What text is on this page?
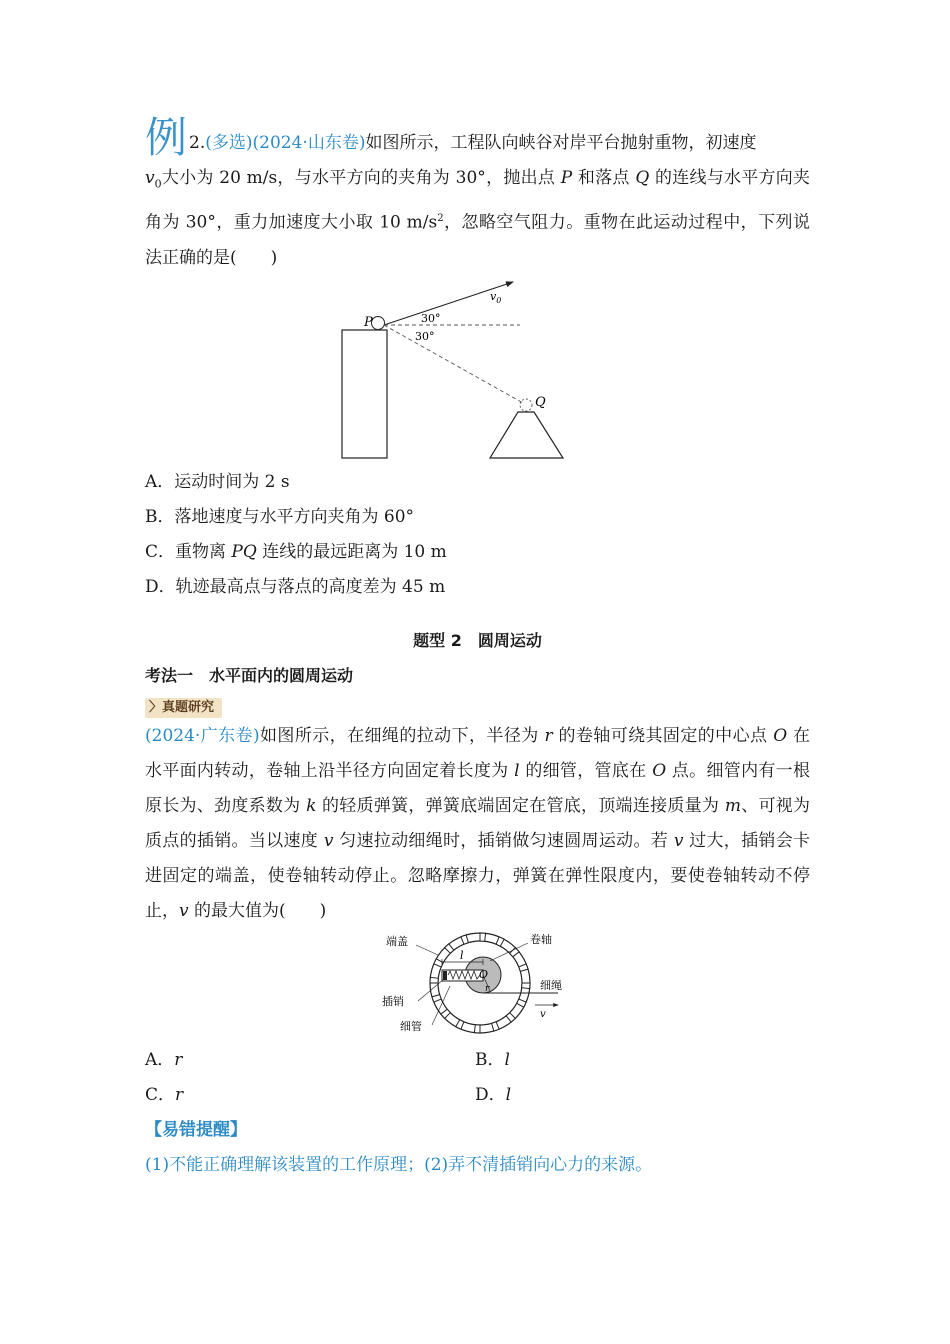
例 2.(多选)(2024·山东卷)如图所示，工程队向峡谷对岸平台抛射重物，初速度
$v_0$大小为 20 m/s，与水平方向的夹角为 30°，抛出点 P 和落点 Q 的连线与水平方向夹角为 30°，重力加速度大小取 10 $m/s^2$，忽略空气阻力。重物在此运动过程中，下列说法正确的是(　　)
P
Q
$v_0$
30°
30°
A．运动时间为 2 s
B．落地速度与水平方向夹角为 60°
C．重物离 PQ 连线的最远距离为 10 m
D．轨迹最高点与落点的高度差为 45 m
题型 2　圆周运动
考法一　水平面内的圆周运动
〉真题研究
(2024·广东卷)如图所示，在细绳的拉动下，半径为 r 的卷轴可绕其固定的中心点 O 在水平面内转动，卷轴上沿半径方向固定着长度为 l 的细管，管底在 O 点。细管内有一根原长为、劲度系数为 k 的轻质弹簧，弹簧底端固定在管底，顶端连接质量为 m、可视为质点的插销。当以速度 v 匀速拉动细绳时，插销做匀速圆周运动。若 v 过大，插销会卡进固定的端盖，使卷轴转动停止。忽略摩擦力，弹簧在弹性限度内，要使卷轴转动不停止，v 的最大值为(　　)
端盖	卷轴
插销
细管
细绳
l
O
r
v
A．r	B．l
C．r	D．l
【易错提醒】
(1)不能正确理解该装置的工作原理；(2)弄不清插销向心力的来源。
